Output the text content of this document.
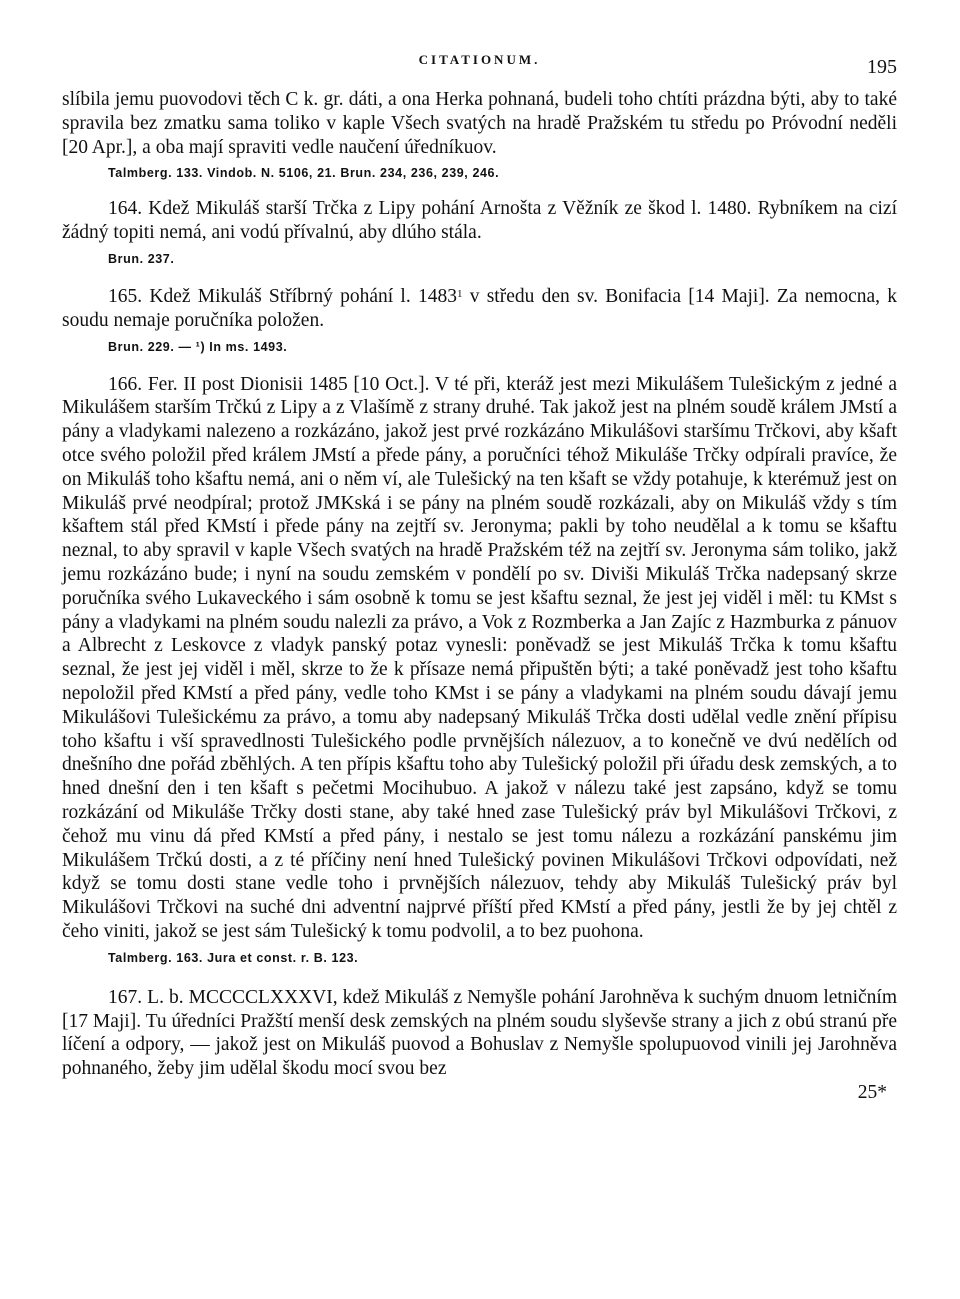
CITATIONUM.	195

slíbila jemu puovodovi těch C k. gr. dáti, a ona Herka pohnaná, budeli toho chtíti prázdna býti, aby to také spravila bez zmatku sama toliko v kaple Všech svatých na hradě Pražském tu středu po Próvodní neděli [20 Apr.], a oba mají spraviti vedle naučení úředníkuov.

Talmberg. 133. Vindob. N. 5106, 21. Brun. 234, 236, 239, 246.

164. Kdež Mikuláš starší Trčka z Lipy pohání Arnošta z Věžník ze škod l. 1480. Rybníkem na cizí žádný topiti nemá, ani vodú přívalnú, aby dlúho stála.

Brun. 237.

165. Kdež Mikuláš Stříbrný pohání l. 1483$^1$ v středu den sv. Bonifacia [14 Maji]. Za nemocna, k soudu nemaje poručníka položen.

Brun. 229. — ¹) In ms. 1493.

166. Fer. II post Dionisii 1485 [10 Oct.]. V té při, kteráž jest mezi Mikulášem Tulešickým z jedné a Mikulášem starším Trčkú z Lipy a z Vlašímě z strany druhé. Tak jakož jest na plném soudě králem JMstí a pány a vladykami nalezeno a rozkázáno, jakož jest prvé rozkázáno Mikulášovi staršímu Trčkovi, aby kšaft otce svého položil před králem JMstí a přede pány, a poručníci téhož Mikuláše Trčky odpírali pravíce, že on Mikuláš toho kšaftu nemá, ani o něm ví, ale Tulešický na ten kšaft se vždy potahuje, k kterémuž jest on Mikuláš prvé neodpíral; protož JMKská i se pány na plném soudě rozkázali, aby on Mikuláš vždy s tím kšaftem stál před KMstí i přede pány na zejtří sv. Jeronyma; pakli by toho neudělal a k tomu se kšaftu neznal, to aby spravil v kaple Všech svatých na hradě Pražském též na zejtří sv. Jeronyma sám toliko, jakž jemu rozkázáno bude; i nyní na soudu zemském v pondělí po sv. Diviši Mikuláš Trčka nadepsaný skrze poručníka svého Lukaveckého i sám osobně k tomu se jest kšaftu seznal, že jest jej viděl i měl: tu KMst s pány a vladykami na plném soudu nalezli za právo, a Vok z Rozmberka a Jan Zajíc z Hazmburka z pánuov a Albrecht z Leskovce z vladyk panský potaz vynesli: poněvadž se jest Mikuláš Trčka k tomu kšaftu seznal, že jest jej viděl i měl, skrze to že k přísaze nemá připuštěn býti; a také poněvadž jest toho kšaftu nepoložil před KMstí a před pány, vedle toho KMst i se pány a vladykami na plném soudu dávají jemu Mikulášovi Tulešickému za právo, a tomu aby nadepsaný Mikuláš Trčka dosti udělal vedle znění přípisu toho kšaftu i vší spravedlnosti Tulešického podle prvnějších nálezuov, a to konečně ve dvú nedělích od dnešního dne pořád zběhlých. A ten přípis kšaftu toho aby Tulešický položil při úřadu desk zemských, a to hned dnešní den i ten kšaft s pečetmi Mocihubuo. A jakož v nálezu také jest zapsáno, když se tomu rozkázání od Mikuláše Trčky dosti stane, aby také hned zase Tulešický práv byl Mikulášovi Trčkovi, z čehož mu vinu dá před KMstí a před pány, i nestalo se jest tomu nálezu a rozkázání panskému jim Mikulášem Trčkú dosti, a z té příčiny není hned Tulešický povinen Mikulášovi Trčkovi odpovídati, než když se tomu dosti stane vedle toho i prvnějších nálezuov, tehdy aby Mikuláš Tulešický práv byl Mikulášovi Trčkovi na suché dni adventní najprvé příští před KMstí a před pány, jestli že by jej chtěl z čeho viniti, jakož se jest sám Tulešický k tomu podvolil, a to bez puohona.

Talmberg. 163. Jura et const. r. B. 123.

167. L. b. MCCCCLXXXVI, kdež Mikuláš z Nemyšle pohání Jarohněva k suchým dnuom letničním [17 Maji]. Tu úředníci Pražští menší desk zemských na plném soudu slyševše strany a jich z obú stranú pře líčení a odpory, — jakož jest on Mikuláš puovod a Bohuslav z Nemyšle spolupuovod vinili jej Jarohněva pohnaného, žeby jim udělal škodu mocí svou bez

25*
